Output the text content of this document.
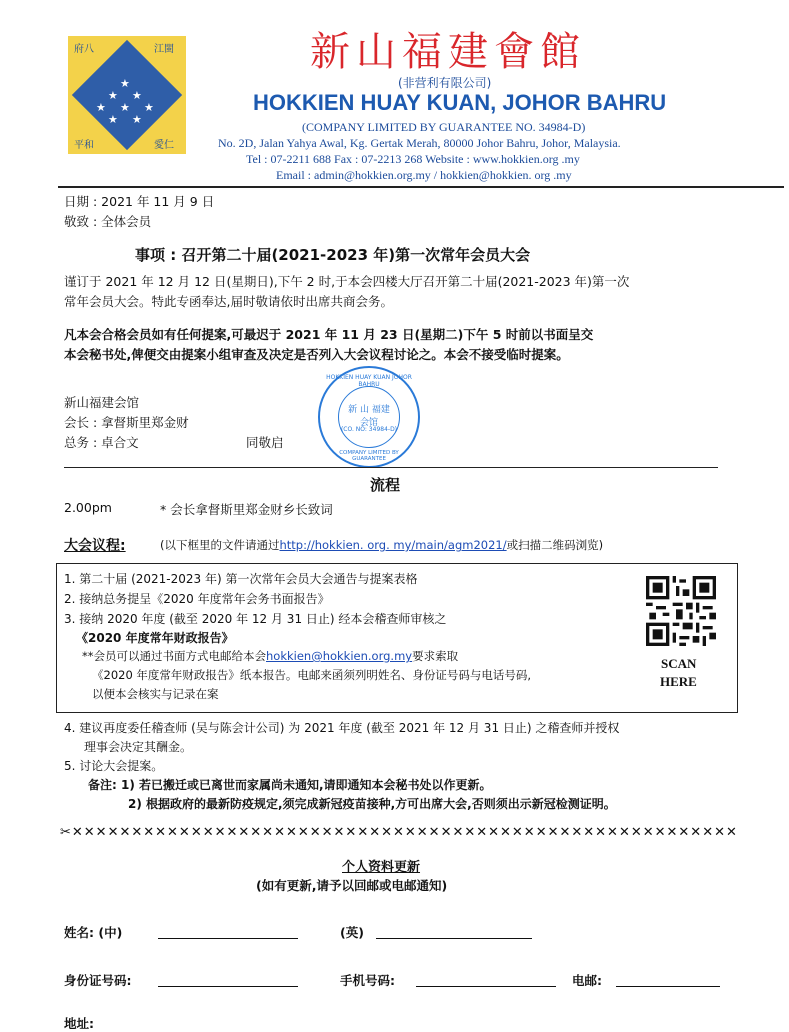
★
★ ★
★ ★ ★
★ ★
府八	江閩
平和	愛仁
新山福建會館
(非营利有限公司)
HOKKIEN HUAY KUAN, JOHOR BAHRU
(COMPANY LIMITED BY GUARANTEE NO. 34984-D)
No. 2D, Jalan Yahya Awal, Kg. Gertak Merah, 80000 Johor Bahru, Johor, Malaysia.
Tel : 07-2211 688 Fax : 07-2213 268 Website : www.hokkien.org .my
Email : admin@hokkien.org.my / hokkien@hokkien. org .my
日期 : 2021 年 11 月 9 日
敬致 : 全体会员
事项 : 召开第二十届(2021-2023 年)第一次常年会员大会
谨订于 2021 年 12 月 12 日(星期日),下午 2 时,于本会四楼大厅召开第二十届(2021-2023 年)第一次
常年会员大会。特此专函奉达,届时敬请依时出席共商会务。
凡本会合格会员如有任何提案,可最迟于 2021 年 11 月 23 日(星期二)下午 5 时前以书面呈交
本会秘书处,俾便交由提案小组审查及决定是否列入大会议程讨论之。本会不接受临时提案。
新山福建会馆
会长 : 拿督斯里郑金财
总务 : 卓合文	同敬启
HOKKIEN HUAY KUAN JOHOR BAHRU
新 山 福建会馆
(CO. NO: 34984-D)
COMPANY LIMITED BY GUARANTEE
流程
2.00pm	* 会长拿督斯里郑金财乡长致词
大会议程:	(以下框里的文件请通过http://hokkien. org. my/main/agm2021/或扫描二维码浏览)
1. 第二十届 (2021-2023 年) 第一次常年会员大会通告与提案表格
2. 接纳总务提呈《2020 年度常年会务书面报告》
3. 接纳 2020 年度 (截至 2020 年 12 月 31 日止) 经本会稽查师审核之
《2020 年度常年财政报告》
**会员可以通过书面方式电邮给本会hokkien@hokkien.org.my要求索取
《2020 年度常年财政报告》纸本报告。电邮来函须列明姓名、身份证号码与电话号码,
以便本会核实与记录在案
SCAN
HERE
4. 建议再度委任稽查师 (吴与陈会计公司) 为 2021 年度 (截至 2021 年 12 月 31 日止) 之稽查师并授权
理事会决定其酬金。
5. 讨论大会提案。
备注: 1) 若已搬迁或已离世而家属尚未通知,请即通知本会秘书处以作更新。
2) 根据政府的最新防疫规定,须完成新冠疫苗接种,方可出席大会,否则须出示新冠检测证明。
✂✕✕✕✕✕✕✕✕✕✕✕✕✕✕✕✕✕✕✕✕✕✕✕✕✕✕✕✕✕✕✕✕✕✕✕✕✕✕✕✕✕✕✕✕✕✕✕✕✕✕✕✕✕✕✕✕
个人资料更新
(如有更新,请予以回邮或电邮通知)
姓名: (中)	(英)
身份证号码:	手机号码:	电邮:
地址:
